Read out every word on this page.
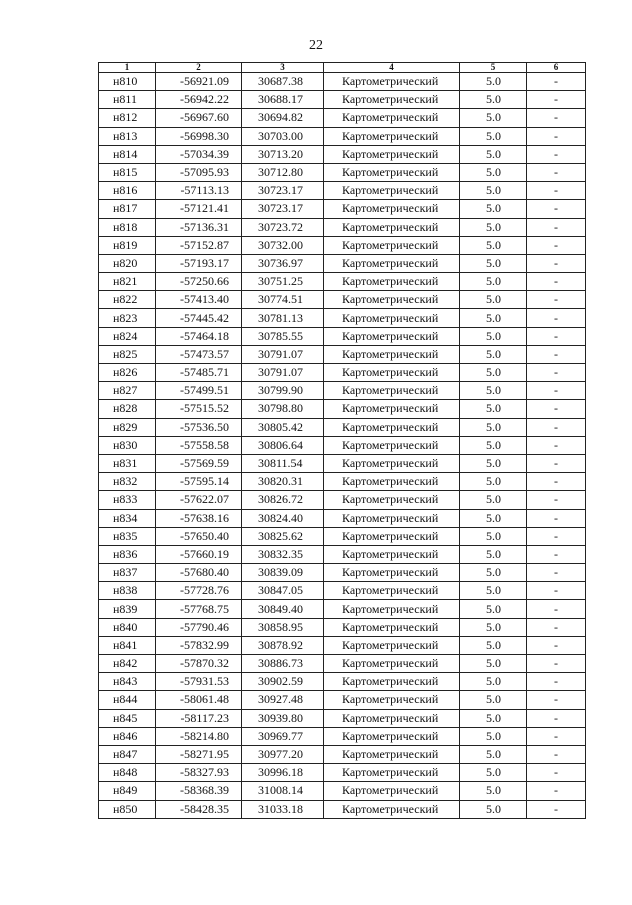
22
1	2	3	4	5	6
н810	-56921.09	30687.38	Картометрический	5.0	-
н811	-56942.22	30688.17	Картометрический	5.0	-
н812	-56967.60	30694.82	Картометрический	5.0	-
н813	-56998.30	30703.00	Картометрический	5.0	-
н814	-57034.39	30713.20	Картометрический	5.0	-
н815	-57095.93	30712.80	Картометрический	5.0	-
н816	-57113.13	30723.17	Картометрический	5.0	-
н817	-57121.41	30723.17	Картометрический	5.0	-
н818	-57136.31	30723.72	Картометрический	5.0	-
н819	-57152.87	30732.00	Картометрический	5.0	-
н820	-57193.17	30736.97	Картометрический	5.0	-
н821	-57250.66	30751.25	Картометрический	5.0	-
н822	-57413.40	30774.51	Картометрический	5.0	-
н823	-57445.42	30781.13	Картометрический	5.0	-
н824	-57464.18	30785.55	Картометрический	5.0	-
н825	-57473.57	30791.07	Картометрический	5.0	-
н826	-57485.71	30791.07	Картометрический	5.0	-
н827	-57499.51	30799.90	Картометрический	5.0	-
н828	-57515.52	30798.80	Картометрический	5.0	-
н829	-57536.50	30805.42	Картометрический	5.0	-
н830	-57558.58	30806.64	Картометрический	5.0	-
н831	-57569.59	30811.54	Картометрический	5.0	-
н832	-57595.14	30820.31	Картометрический	5.0	-
н833	-57622.07	30826.72	Картометрический	5.0	-
н834	-57638.16	30824.40	Картометрический	5.0	-
н835	-57650.40	30825.62	Картометрический	5.0	-
н836	-57660.19	30832.35	Картометрический	5.0	-
н837	-57680.40	30839.09	Картометрический	5.0	-
н838	-57728.76	30847.05	Картометрический	5.0	-
н839	-57768.75	30849.40	Картометрический	5.0	-
н840	-57790.46	30858.95	Картометрический	5.0	-
н841	-57832.99	30878.92	Картометрический	5.0	-
н842	-57870.32	30886.73	Картометрический	5.0	-
н843	-57931.53	30902.59	Картометрический	5.0	-
н844	-58061.48	30927.48	Картометрический	5.0	-
н845	-58117.23	30939.80	Картометрический	5.0	-
н846	-58214.80	30969.77	Картометрический	5.0	-
н847	-58271.95	30977.20	Картометрический	5.0	-
н848	-58327.93	30996.18	Картометрический	5.0	-
н849	-58368.39	31008.14	Картометрический	5.0	-
н850	-58428.35	31033.18	Картометрический	5.0	-
